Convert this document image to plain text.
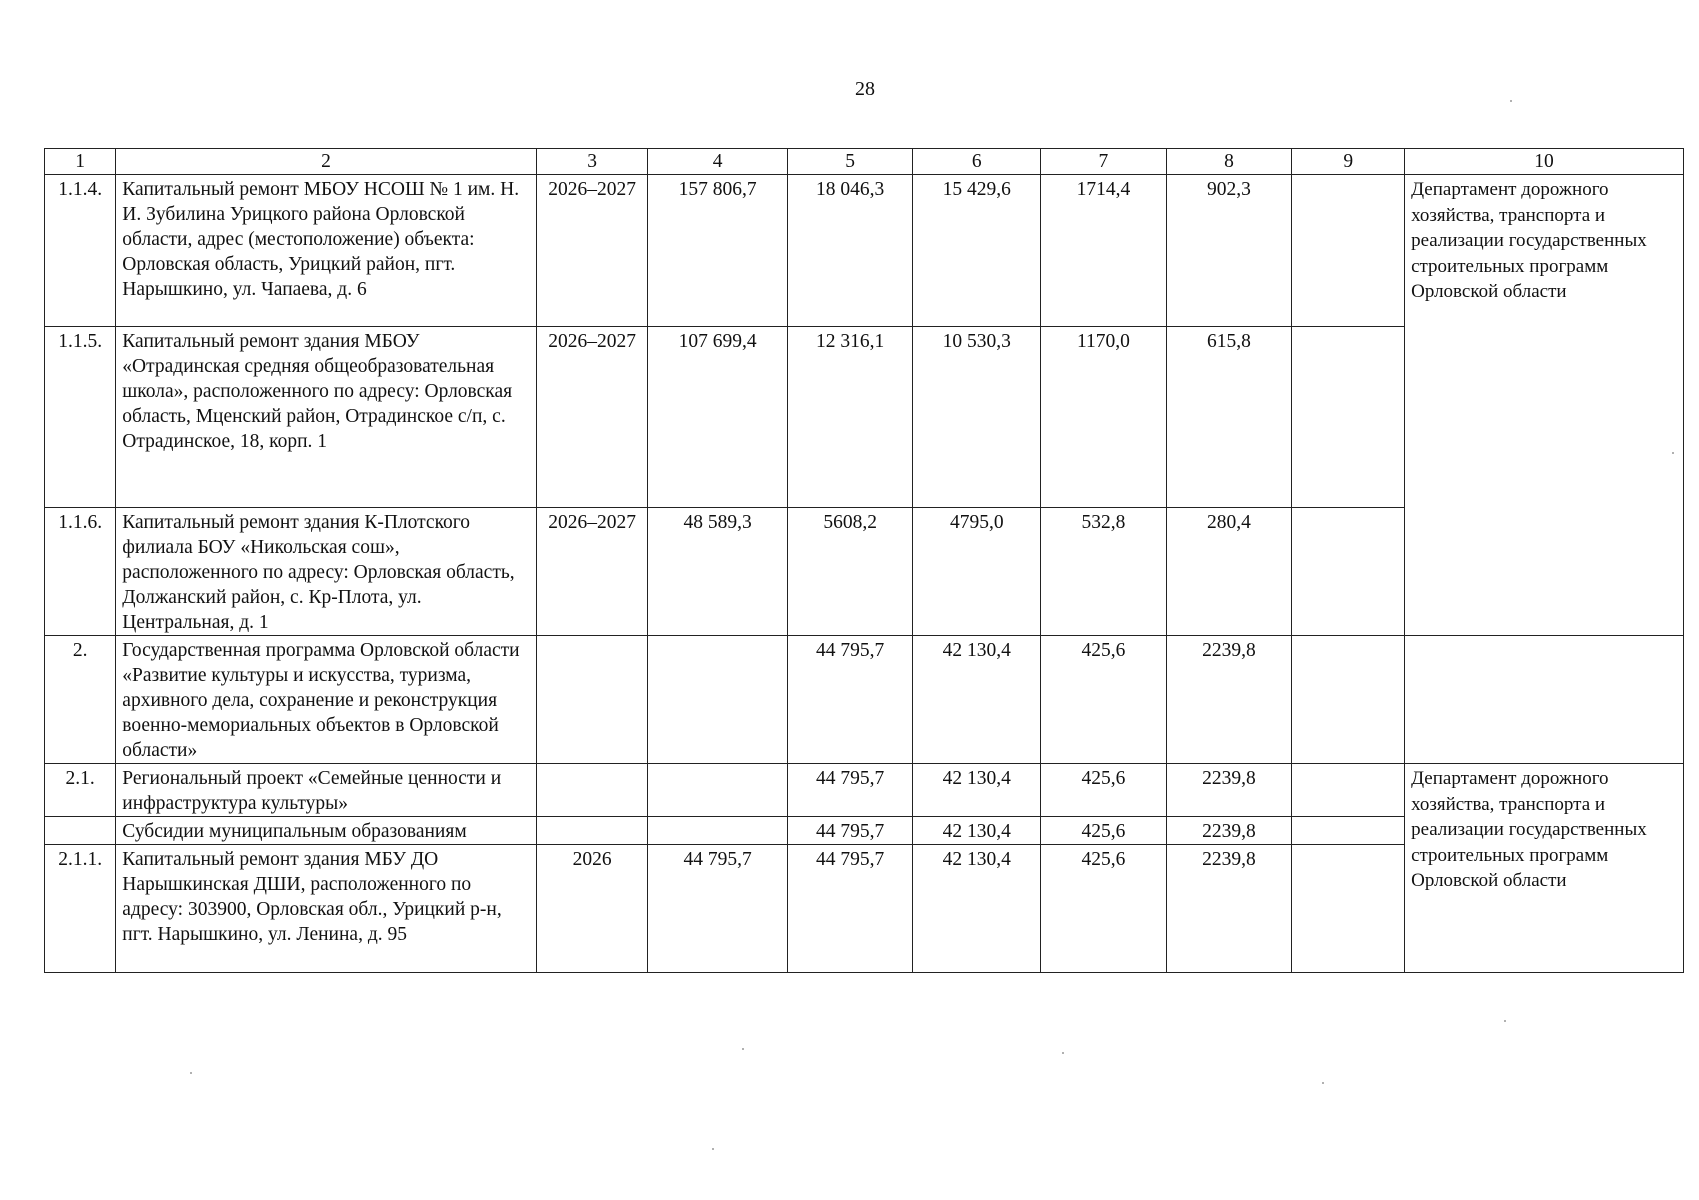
28
1	2	3	4	5	6	7	8	9	10
1.1.4.	Капитальный ремонт МБОУ НСОШ № 1 им. Н. И. Зубилина Урицкого района Орловской области, адрес (местоположение) объекта: Орловская область, Урицкий район, пгт. Нарышкино, ул. Чапаева, д. 6	2026–2027	157 806,7	18 046,3	15 429,6	1714,4	902,3		Департамент дорожного хозяйства, транспорта и реализации государственных строительных программ Орловской области
1.1.5.	Капитальный ремонт здания МБОУ «Отрадинская средняя общеобразовательная школа», расположенного по адресу: Орловская область, Мценский район, Отрадинское с/п, с. Отрадинское, 18, корп. 1	2026–2027	107 699,4	12 316,1	10 530,3	1170,0	615,8		
1.1.6.	Капитальный ремонт здания К-Плотского филиала БОУ «Никольская сош», расположенного по адресу: Орловская область, Должанский район, с. Кр-Плота, ул. Центральная, д. 1	2026–2027	48 589,3	5608,2	4795,0	532,8	280,4		
2.	Государственная программа Орловской области «Развитие культуры и искусства, туризма, архивного дела, сохранение и реконструкция военно-мемориальных объектов в Орловской области»			44 795,7	42 130,4	425,6	2239,8		
2.1.	Региональный проект «Семейные ценности и инфраструктура культуры»			44 795,7	42 130,4	425,6	2239,8		Департамент дорожного хозяйства, транспорта и реализации государственных строительных программ Орловской области
	Субсидии муниципальным образованиям			44 795,7	42 130,4	425,6	2239,8		
2.1.1.	Капитальный ремонт здания МБУ ДО Нарышкинская ДШИ, расположенного по адресу: 303900, Орловская обл., Урицкий р-н, пгт. Нарышкино, ул. Ленина, д. 95	2026	44 795,7	44 795,7	42 130,4	425,6	2239,8		
